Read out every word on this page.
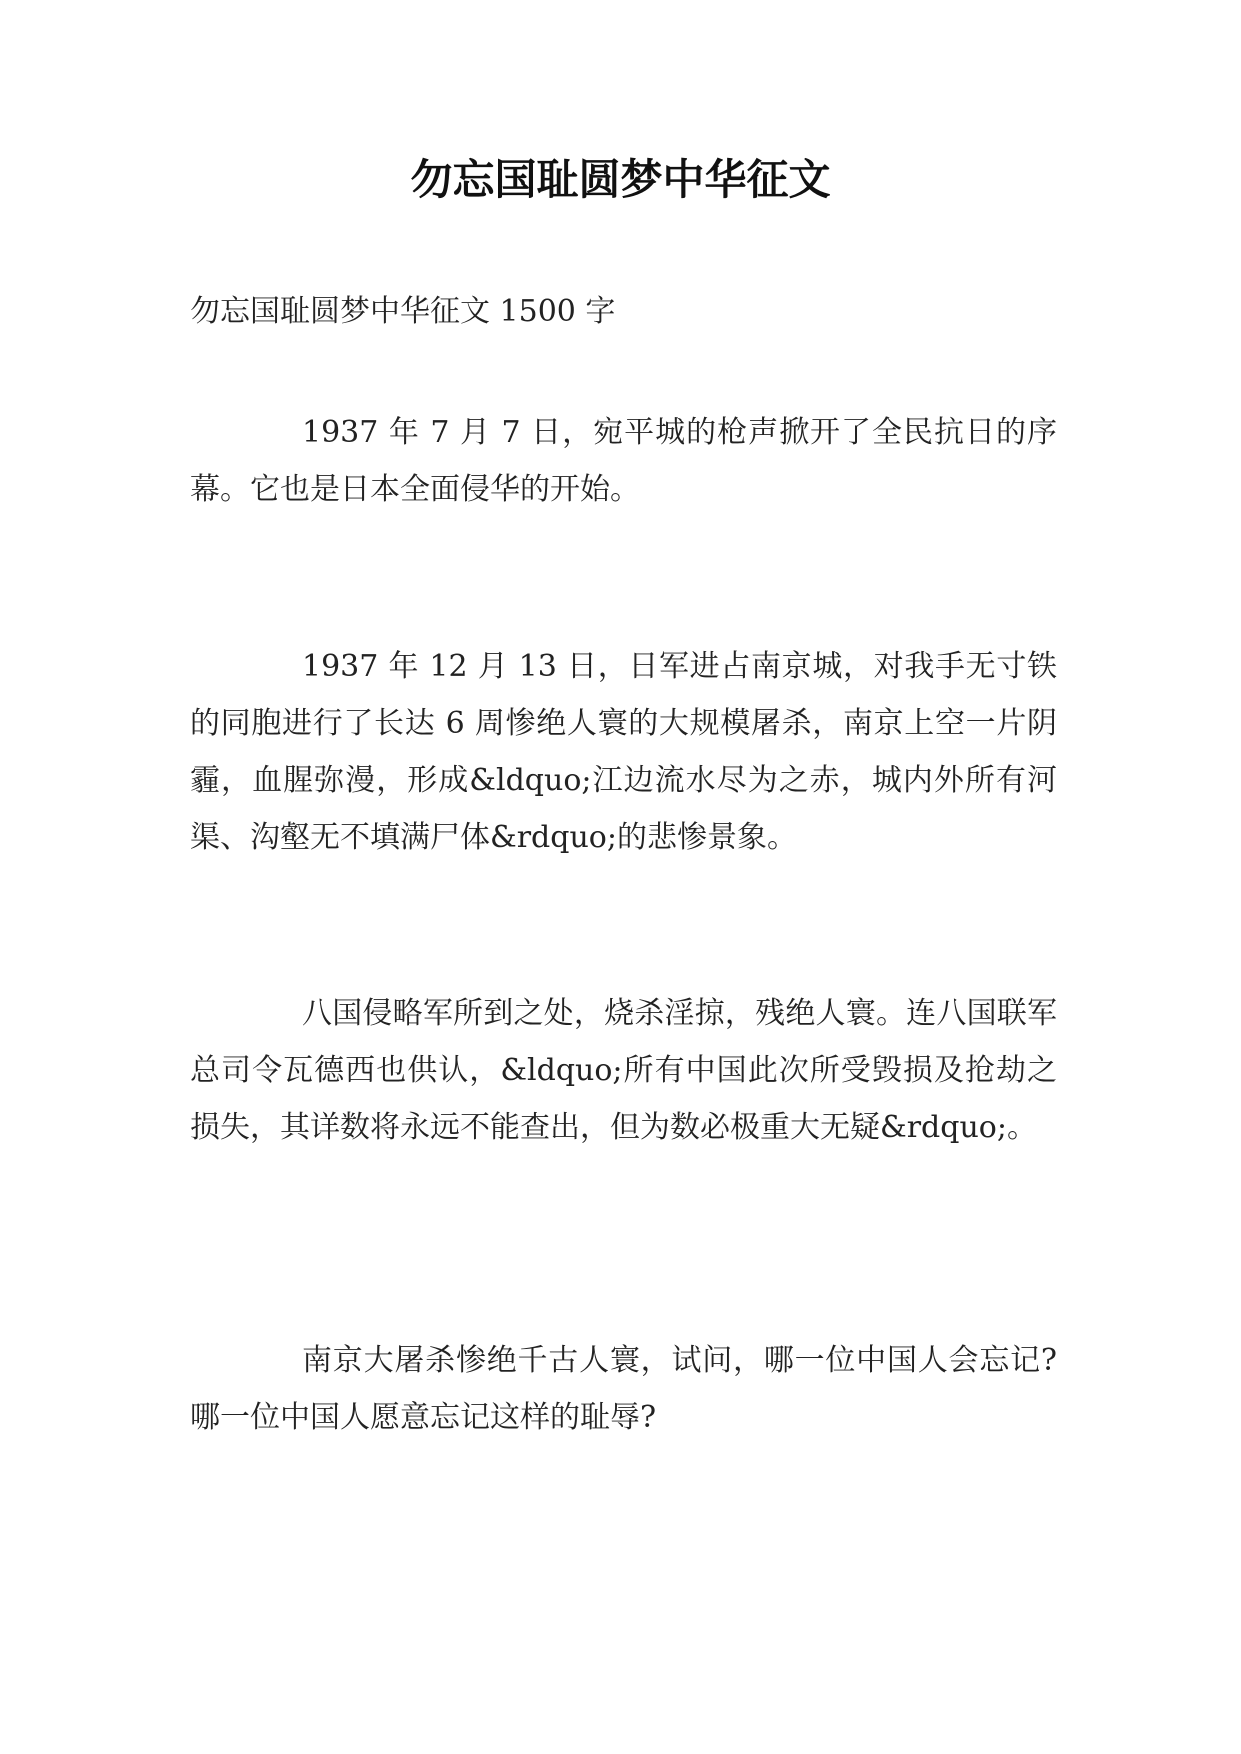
勿忘国耻圆梦中华征文

勿忘国耻圆梦中华征文 1500 字

1937 年 7 月 7 日，宛平城的枪声掀开了全民抗日的序幕。它也是日本全面侵华的开始。

1937 年 12 月 13 日，日军进占南京城，对我手无寸铁的同胞进行了长达 6 周惨绝人寰的大规模屠杀，南京上空一片阴霾，血腥弥漫，形成&ldquo;江边流水尽为之赤，城内外所有河渠、沟壑无不填满尸体&rdquo;的悲惨景象。

八国侵略军所到之处，烧杀淫掠，残绝人寰。连八国联军总司令瓦德西也供认，&ldquo;所有中国此次所受毁损及抢劫之损失，其详数将永远不能查出，但为数必极重大无疑&rdquo;。

南京大屠杀惨绝千古人寰，试问，哪一位中国人会忘记?哪一位中国人愿意忘记这样的耻辱?
